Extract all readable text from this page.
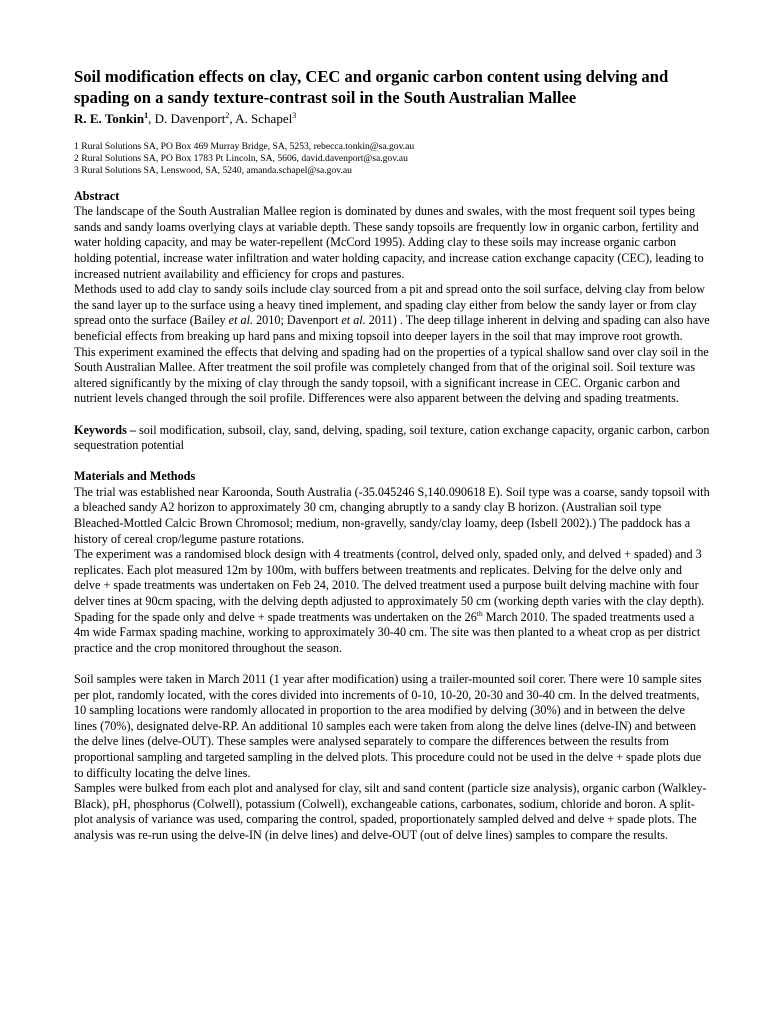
Soil modification effects on clay, CEC and organic carbon content using delving and spading on a sandy texture-contrast soil in the South Australian Mallee
R. E. Tonkin$^1$, D. Davenport$^2$, A. Schapel$^3$

1 Rural Solutions SA, PO Box 469 Murray Bridge, SA, 5253, rebecca.tonkin@sa.gov.au

2 Rural Solutions SA, PO Box 1783 Pt Lincoln, SA, 5606, david.davenport@sa.gov.au

3 Rural Solutions SA, Lenswood, SA, 5240, amanda.schapel@sa.gov.au

Abstract

The landscape of the South Australian Mallee region is dominated by dunes and swales, with the most frequent soil types being sands and sandy loams overlying clays at variable depth. These sandy topsoils are frequently low in organic carbon, fertility and water holding capacity, and may be water-repellent (McCord 1995). Adding clay to these soils may increase organic carbon holding potential, increase water infiltration and water holding capacity, and increase cation exchange capacity (CEC), leading to increased nutrient availability and efficiency for crops and pastures.

Methods used to add clay to sandy soils include clay sourced from a pit and spread onto the soil surface, delving clay from below the sand layer up to the surface using a heavy tined implement, and spading clay either from below the sandy layer or from clay spread onto the surface (Bailey et al. 2010; Davenport et al. 2011) . The deep tillage inherent in delving and spading can also have beneficial effects from breaking up hard pans and mixing topsoil into deeper layers in the soil that may improve root growth.

This experiment examined the effects that delving and spading had on the properties of a typical shallow sand over clay soil in the South Australian Mallee. After treatment the soil profile was completely changed from that of the original soil. Soil texture was altered significantly by the mixing of clay through the sandy topsoil, with a significant increase in CEC. Organic carbon and nutrient levels changed through the soil profile. Differences were also apparent between the delving and spading treatments.

Keywords – soil modification, subsoil, clay, sand, delving, spading, soil texture, cation exchange capacity, organic carbon, carbon sequestration potential

Materials and Methods

The trial was established near Karoonda, South Australia (-35.045246 S,140.090618 E). Soil type was a coarse, sandy topsoil with a bleached sandy A2 horizon to approximately 30 cm, changing abruptly to a sandy clay B horizon. (Australian soil type Bleached-Mottled Calcic Brown Chromosol; medium, non-gravelly, sandy/clay loamy, deep (Isbell 2002).) The paddock has a history of cereal crop/legume pasture rotations.

The experiment was a randomised block design with 4 treatments (control, delved only, spaded only, and delved + spaded) and 3 replicates. Each plot measured 12m by 100m, with buffers between treatments and replicates. Delving for the delve only and delve + spade treatments was undertaken on Feb 24, 2010. The delved treatment used a purpose built delving machine with four delver tines at 90cm spacing, with the delving depth adjusted to approximately 50 cm (working depth varies with the clay depth). Spading for the spade only and delve + spade treatments was undertaken on the 26th March 2010. The spaded treatments used a 4m wide Farmax spading machine, working to approximately 30-40 cm. The site was then planted to a wheat crop as per district practice and the crop monitored throughout the season.

Soil samples were taken in March 2011 (1 year after modification) using a trailer-mounted soil corer. There were 10 sample sites per plot, randomly located, with the cores divided into increments of 0-10, 10-20, 20-30 and 30-40 cm. In the delved treatments, 10 sampling locations were randomly allocated in proportion to the area modified by delving (30%) and in between the delve lines (70%), designated delve-RP. An additional 10 samples each were taken from along the delve lines (delve-IN) and between the delve lines (delve-OUT). These samples were analysed separately to compare the differences between the results from proportional sampling and targeted sampling in the delved plots. This procedure could not be used in the delve + spade plots due to difficulty locating the delve lines.

Samples were bulked from each plot and analysed for clay, silt and sand content (particle size analysis), organic carbon (Walkley-Black), pH, phosphorus (Colwell), potassium (Colwell), exchangeable cations, carbonates, sodium, chloride and boron. A split-plot analysis of variance was used, comparing the control, spaded, proportionately sampled delved and delve + spade plots. The analysis was re-run using the delve-IN (in delve lines) and delve-OUT (out of delve lines) samples to compare the results.
